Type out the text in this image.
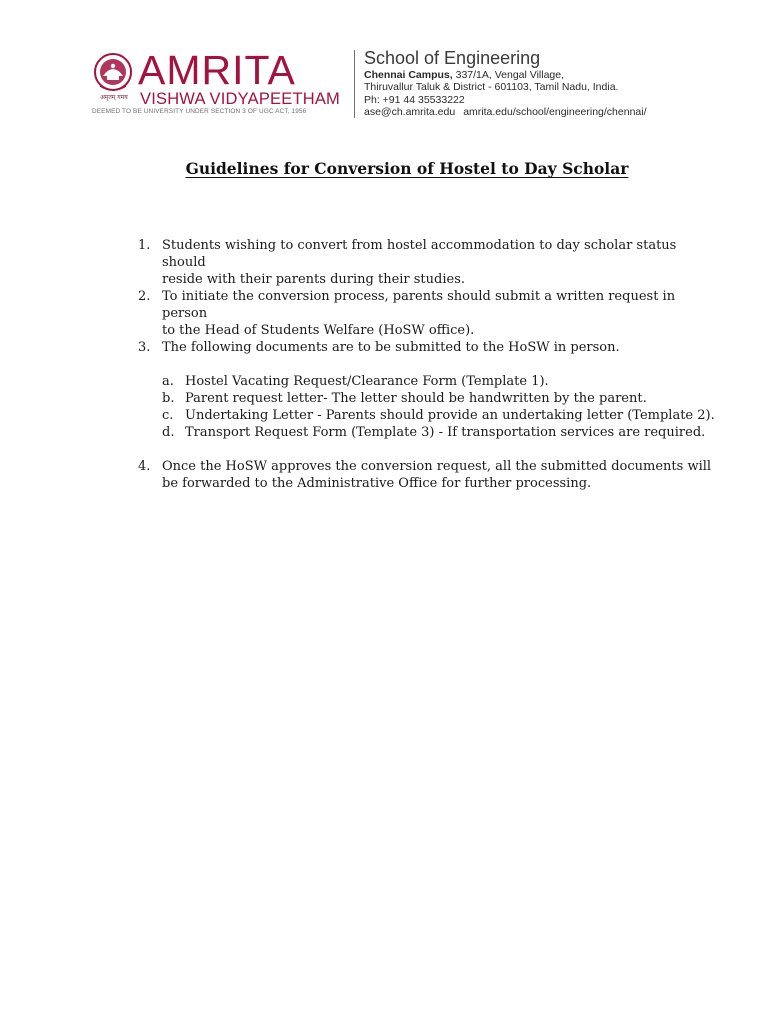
AMRITA
VISHWA VIDYAPEETHAM
अमृतम् गमय
DEEMED TO BE UNIVERSITY UNDER SECTION 3 OF UGC ACT, 1956
School of Engineering
Chennai Campus, 337/1A, Vengal Village,
Thiruvallur Taluk & District - 601103, Tamil Nadu, India.
Ph: +91 44 35533222
ase@ch.amrita.edu amrita.edu/school/engineering/chennai/
Guidelines for Conversion of Hostel to Day Scholar
1. Students wishing to convert from hostel accommodation to day scholar status should
reside with their parents during their studies.
2. To initiate the conversion process, parents should submit a written request in person
to the Head of Students Welfare (HoSW office).
3. The following documents are to be submitted to the HoSW in person.
a. Hostel Vacating Request/Clearance Form (Template 1).
b. Parent request letter- The letter should be handwritten by the parent.
c. Undertaking Letter - Parents should provide an undertaking letter (Template 2).
d. Transport Request Form (Template 3) - If transportation services are required.
4. Once the HoSW approves the conversion request, all the submitted documents will
be forwarded to the Administrative Office for further processing.
